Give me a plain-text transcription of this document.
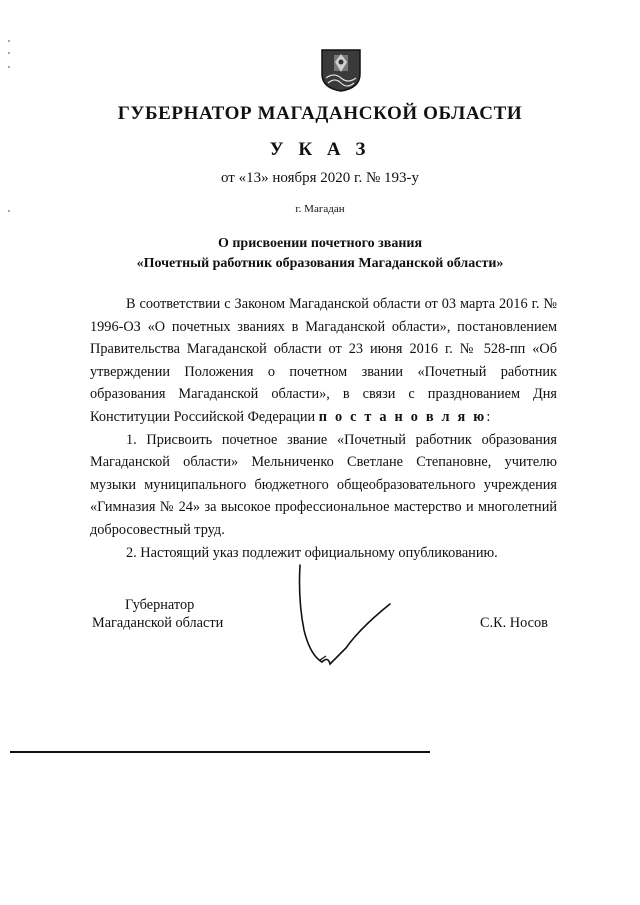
ГУБЕРНАТОР МАГАДАНСКОЙ ОБЛАСТИ
У К А З
от «13» ноября 2020 г. № 193-у
г. Магадан
О присвоении почетного звания
«Почетный работник образования Магаданской области»

В соответствии с Законом Магаданской области от 03 марта 2016 г. № 1996-ОЗ «О почетных званиях в Магаданской области», постановлением Правительства Магаданской области от 23 июня 2016 г. № 528-пп «Об утверждении Положения о почетном звании «Почетный работник образования Магаданской области», в связи с празднованием Дня Конституции Российской Федерации п о с т а н о в л я ю:

1. Присвоить почетное звание «Почетный работник образования Магаданской области» Мельниченко Светлане Степановне, учителю музыки муниципального бюджетного общеобразовательного учреждения «Гимназия № 24» за высокое профессиональное мастерство и многолетний добросовестный труд.

2. Настоящий указ подлежит официальному опубликованию.

Губернатор
Магаданской области	С.К. Носов
